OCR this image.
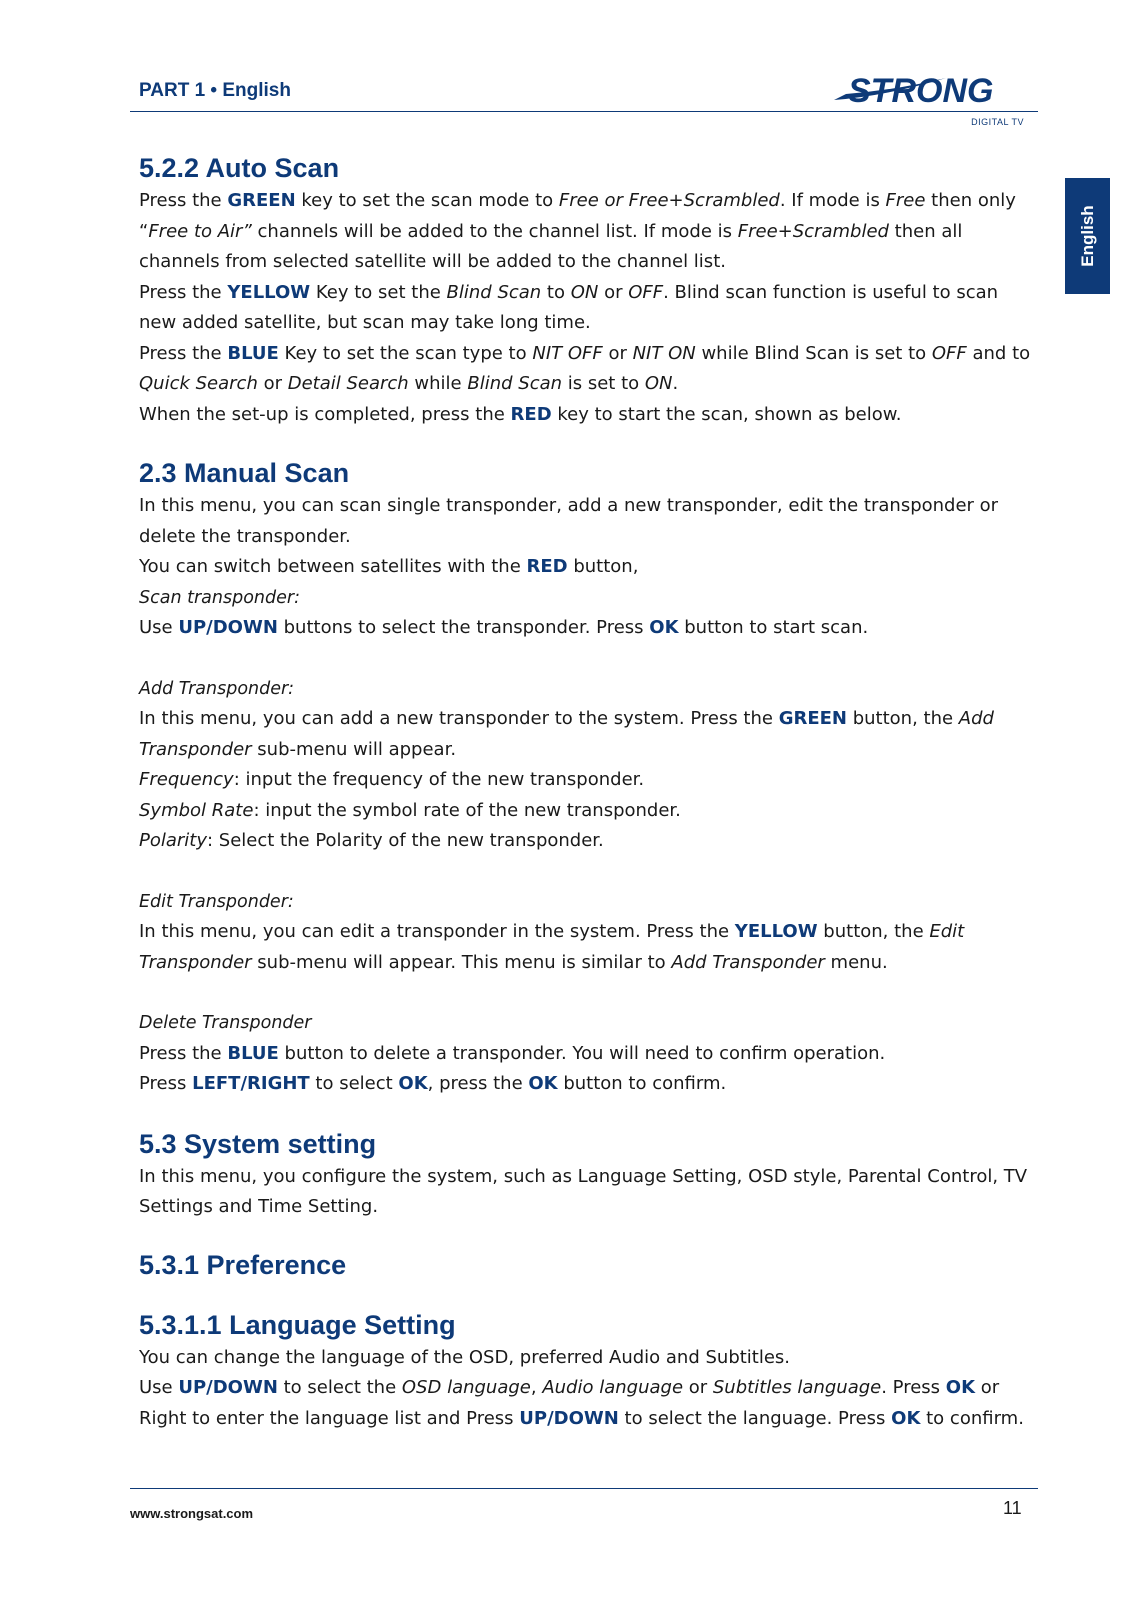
PART 1 • English	STRONG
DIGITAL TV
English
5.2.2 Auto Scan

Press the GREEN key to set the scan mode to Free or Free+Scrambled. If mode is Free then only “Free to Air” channels will be added to the channel list. If mode is Free+Scrambled then all channels from selected satellite will be added to the channel list.

Press the YELLOW Key to set the Blind Scan to ON or OFF. Blind scan function is useful to scan new added satellite, but scan may take long time.

Press the BLUE Key to set the scan type to NIT OFF or NIT ON while Blind Scan is set to OFF and to Quick Search or Detail Search while Blind Scan is set to ON.

When the set-up is completed, press the RED key to start the scan, shown as below.

2.3 Manual Scan

In this menu, you can scan single transponder, add a new transponder, edit the transponder or delete the transponder.

You can switch between satellites with the RED button,

Scan transponder:

Use UP/DOWN buttons to select the transponder. Press OK button to start scan.

Add Transponder:

In this menu, you can add a new transponder to the system. Press the GREEN button, the Add Transponder sub-menu will appear.

Frequency: input the frequency of the new transponder.

Symbol Rate: input the symbol rate of the new transponder.

Polarity: Select the Polarity of the new transponder.

Edit Transponder:

In this menu, you can edit a transponder in the system. Press the YELLOW button, the Edit Transponder sub-menu will appear. This menu is similar to Add Transponder menu.

Delete Transponder

Press the BLUE button to delete a transponder. You will need to confirm operation.

Press LEFT/RIGHT to select OK, press the OK button to confirm.

5.3 System setting

In this menu, you configure the system, such as Language Setting, OSD style, Parental Control, TV Settings and Time Setting.

5.3.1 Preference
5.3.1.1 Language Setting

You can change the language of the OSD, preferred Audio and Subtitles.

Use UP/DOWN to select the OSD language, Audio language or Subtitles language. Press OK or Right to enter the language list and Press UP/DOWN to select the language. Press OK to confirm.

www.strongsat.com	11
